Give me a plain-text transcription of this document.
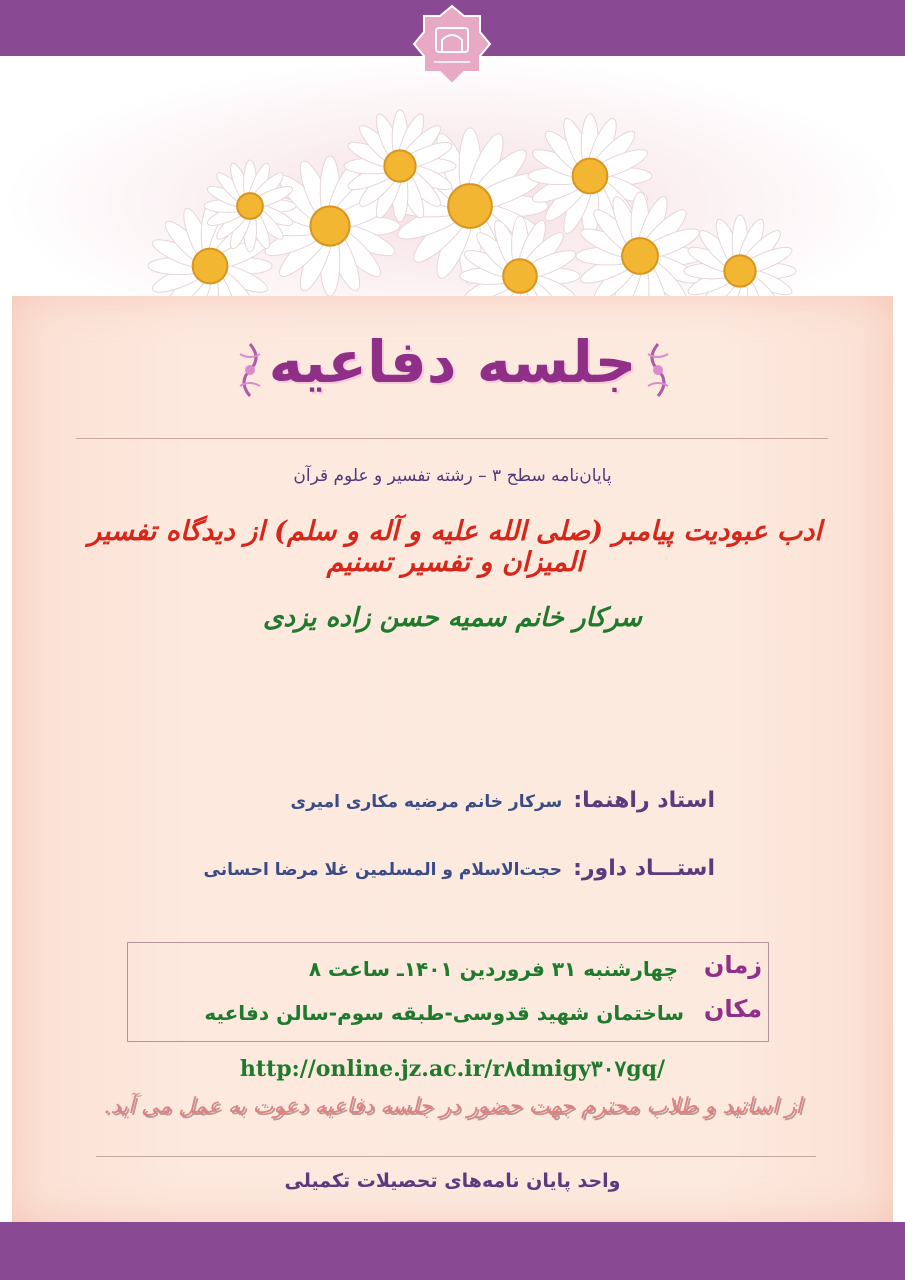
جلسه دفاعیه
پایان‌نامه سطح ۳ – رشته تفسیر و علوم قرآن
ادب عبودیت پیامبر (صلی الله علیه و آله و سلم) از دیدگاه تفسیر المیزان و تفسیر تسنیم
سرکار خانم سمیه حسن زاده یزدی
استاد راهنما: سرکار خانم مرضیه مکاری امیری
استـــاد داور: حجت‌الاسلام و المسلمین غلا مرضا احسانی
زمان
چهارشنبه ۳۱ فروردین ۱۴۰۱ـ ساعت ۸
مکان
ساختمان شهید قدوسی-طبقه سوم-سالن دفاعیه
http://online.jz.ac.ir/r۸dmigy۳۰۷gq/
از اساتید و طلاب محترم جهت حضور در جلسه دفاعیه دعوت به عمل می آید.
واحد پایان نامه‌های تحصیلات تکمیلی
